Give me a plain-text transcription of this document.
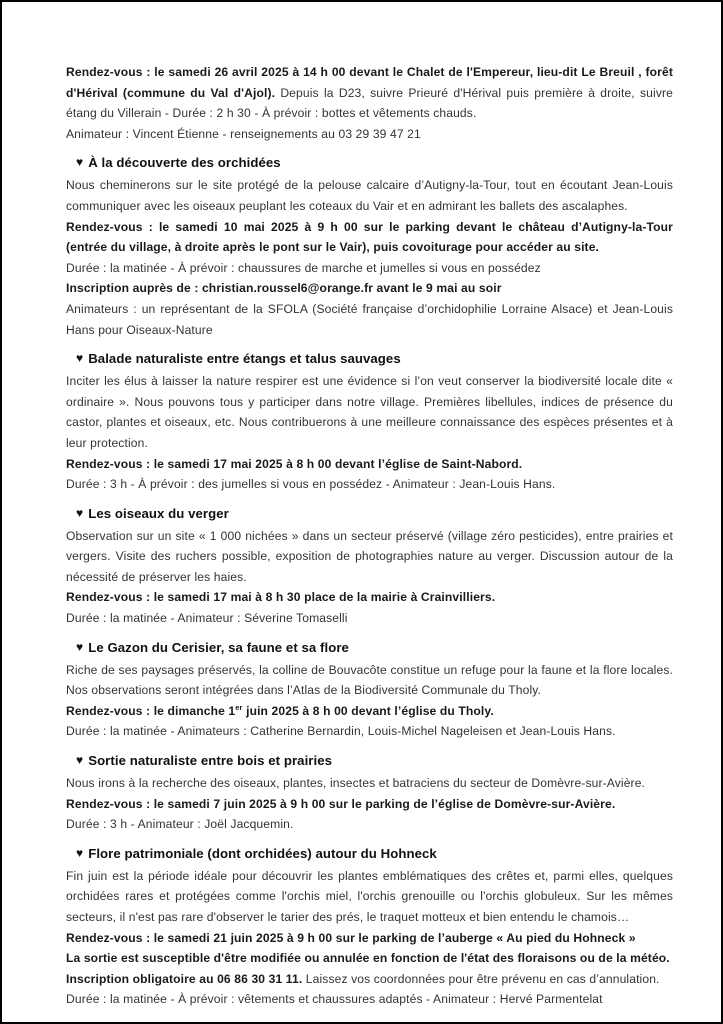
Rendez-vous : le samedi 26 avril 2025 à 14 h 00 devant le Chalet de l'Empereur, lieu-dit Le Breuil , forêt d'Hérival (commune du Val d'Ajol). Depuis la D23, suivre Prieuré d'Hérival puis première à droite, suivre étang du Villerain - Durée : 2 h 30 - À prévoir : bottes et vêtements chauds.

Animateur : Vincent Étienne - renseignements au 03 29 39 47 21

♥ À la découverte des orchidées

Nous cheminerons sur le site protégé de la pelouse calcaire d’Autigny-la-Tour, tout en écoutant Jean-Louis communiquer avec les oiseaux peuplant les coteaux du Vair et en admirant les ballets des ascalaphes.

Rendez-vous : le samedi 10 mai 2025 à 9 h 00 sur le parking devant le château d’Autigny-la-Tour (entrée du village, à droite après le pont sur le Vair), puis covoiturage pour accéder au site.

Durée : la matinée - À prévoir : chaussures de marche et jumelles si vous en possédez

Inscription auprès de : christian.roussel6@orange.fr avant le 9 mai au soir

Animateurs : un représentant de la SFOLA (Société française d’orchidophilie Lorraine Alsace) et Jean-Louis Hans pour Oiseaux-Nature

♥ Balade naturaliste entre étangs et talus sauvages

Inciter les élus à laisser la nature respirer est une évidence si l’on veut conserver la biodiversité locale dite « ordinaire ». Nous pouvons tous y participer dans notre village. Premières libellules, indices de présence du castor, plantes et oiseaux, etc. Nous contribuerons à une meilleure connaissance des espèces présentes et à leur protection.

Rendez-vous : le samedi 17 mai 2025 à 8 h 00 devant l’église de Saint-Nabord.

Durée : 3 h - À prévoir : des jumelles si vous en possédez - Animateur : Jean-Louis Hans.

♥ Les oiseaux du verger

Observation sur un site « 1 000 nichées » dans un secteur préservé (village zéro pesticides), entre prairies et vergers. Visite des ruchers possible, exposition de photographies nature au verger. Discussion autour de la nécessité de préserver les haies.

Rendez-vous : le samedi 17 mai à 8 h 30 place de la mairie à Crainvilliers.

Durée : la matinée - Animateur : Séverine Tomaselli

♥ Le Gazon du Cerisier, sa faune et sa flore

Riche de ses paysages préservés, la colline de Bouvacôte constitue un refuge pour la faune et la flore locales. Nos observations seront intégrées dans l’Atlas de la Biodiversité Communale du Tholy.

Rendez-vous : le dimanche 1er juin 2025 à 8 h 00 devant l’église du Tholy.

Durée : la matinée - Animateurs : Catherine Bernardin, Louis-Michel Nageleisen et Jean-Louis Hans.

♥ Sortie naturaliste entre bois et prairies

Nous irons à la recherche des oiseaux, plantes, insectes et batraciens du secteur de Domèvre-sur-Avière.

Rendez-vous : le samedi 7 juin 2025 à 9 h 00 sur le parking de l’église de Domèvre-sur-Avière.

Durée : 3 h - Animateur : Joël Jacquemin.

♥ Flore patrimoniale (dont orchidées) autour du Hohneck

Fin juin est la période idéale pour découvrir les plantes emblématiques des crêtes et, parmi elles, quelques orchidées rares et protégées comme l'orchis miel, l'orchis grenouille ou l'orchis globuleux. Sur les mêmes secteurs, il n'est pas rare d'observer le tarier des prés, le traquet motteux et bien entendu le chamois…

Rendez-vous : le samedi 21 juin 2025 à 9 h 00 sur le parking de l’auberge « Au pied du Hohneck »

La sortie est susceptible d'être modifiée ou annulée en fonction de l'état des floraisons ou de la météo.

Inscription obligatoire au 06 86 30 31 11. Laissez vos coordonnées pour être prévenu en cas d’annulation.

Durée : la matinée - À prévoir : vêtements et chaussures adaptés - Animateur : Hervé Parmentelat
